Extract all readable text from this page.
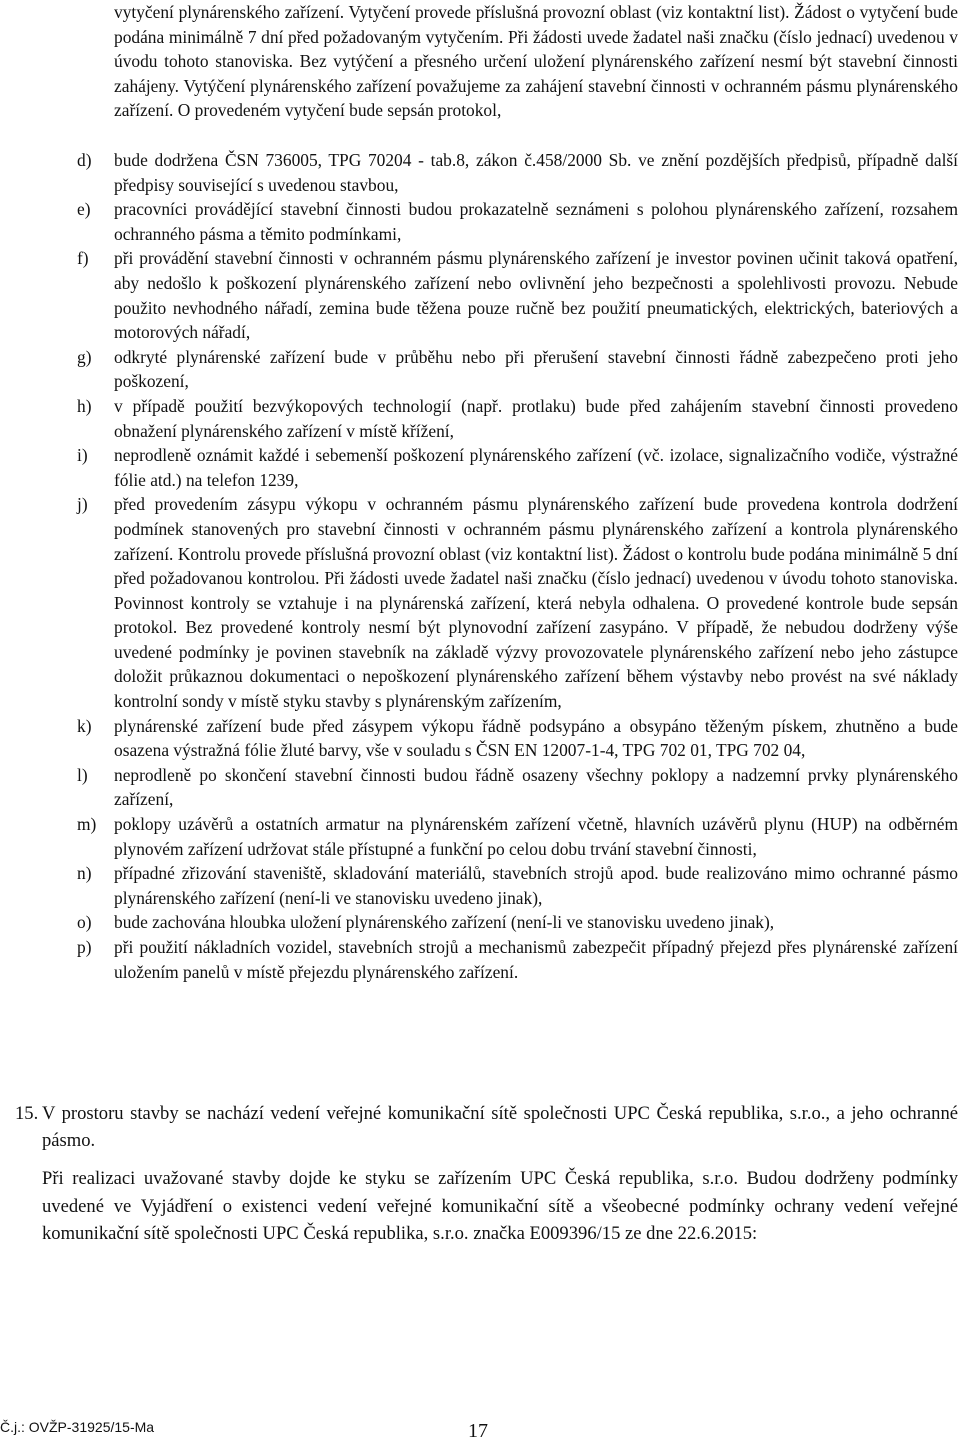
vytyčení plynárenského zařízení. Vytyčení provede příslušná provozní oblast (viz kontaktní list). Žádost o vytyčení bude podána minimálně 7 dní před požadovaným vytyčením. Při žádosti uvede žadatel naši značku (číslo jednací) uvedenou v úvodu tohoto stanoviska. Bez vytýčení a přesného určení uložení plynárenského zařízení nesmí být stavební činnosti zahájeny. Vytýčení plynárenského zařízení považujeme za zahájení stavební činnosti v ochranném pásmu plynárenského zařízení. O provedeném vytyčení bude sepsán protokol,

d) bude dodržena ČSN 736005, TPG 70204 - tab.8, zákon č.458/2000 Sb. ve znění pozdějších předpisů, případně další předpisy související s uvedenou stavbou,

e) pracovníci provádějící stavební činnosti budou prokazatelně seznámeni s polohou plynárenského zařízení, rozsahem ochranného pásma a těmito podmínkami,

f) při provádění stavební činnosti v ochranném pásmu plynárenského zařízení je investor povinen učinit taková opatření, aby nedošlo k poškození plynárenského zařízení nebo ovlivnění jeho bezpečnosti a spolehlivosti provozu. Nebude použito nevhodného nářadí, zemina bude těžena pouze ručně bez použití pneumatických, elektrických, bateriových a motorových nářadí,

g) odkryté plynárenské zařízení bude v průběhu nebo při přerušení stavební činnosti řádně zabezpečeno proti jeho poškození,

h) v případě použití bezvýkopových technologií (např. protlaku) bude před zahájením stavební činnosti provedeno obnažení plynárenského zařízení v místě křížení,

i) neprodleně oznámit každé i sebemenší poškození plynárenského zařízení (vč. izolace, signalizačního vodiče, výstražné fólie atd.) na telefon 1239,

j) před provedením zásypu výkopu v ochranném pásmu plynárenského zařízení bude provedena kontrola dodržení podmínek stanovených pro stavební činnosti v ochranném pásmu plynárenského zařízení a kontrola plynárenského zařízení. Kontrolu provede příslušná provozní oblast (viz kontaktní list). Žádost o kontrolu bude podána minimálně 5 dní před požadovanou kontrolou. Při žádosti uvede žadatel naši značku (číslo jednací) uvedenou v úvodu tohoto stanoviska. Povinnost kontroly se vztahuje i na plynárenská zařízení, která nebyla odhalena. O provedené kontrole bude sepsán protokol. Bez provedené kontroly nesmí být plynovodní zařízení zasypáno. V případě, že nebudou dodrženy výše uvedené podmínky je povinen stavebník na základě výzvy provozovatele plynárenského zařízení nebo jeho zástupce doložit průkaznou dokumentaci o nepoškození plynárenského zařízení během výstavby nebo provést na své náklady kontrolní sondy v místě styku stavby s plynárenským zařízením,

k) plynárenské zařízení bude před zásypem výkopu řádně podsypáno a obsypáno těženým pískem, zhutněno a bude osazena výstražná fólie žluté barvy, vše v souladu s ČSN EN 12007-1-4, TPG 702 01, TPG 702 04,

l) neprodleně po skončení stavební činnosti budou řádně osazeny všechny poklopy a nadzemní prvky plynárenského zařízení,

m) poklopy uzávěrů a ostatních armatur na plynárenském zařízení včetně, hlavních uzávěrů plynu (HUP) na odběrném plynovém zařízení udržovat stále přístupné a funkční po celou dobu trvání stavební činnosti,

n) případné zřizování staveniště, skladování materiálů, stavebních strojů apod. bude realizováno mimo ochranné pásmo plynárenského zařízení (není-li ve stanovisku uvedeno jinak),

o) bude zachována hloubka uložení plynárenského zařízení (není-li ve stanovisku uvedeno jinak),

p) při použití nákladních vozidel, stavebních strojů a mechanismů zabezpečit případný přejezd přes plynárenské zařízení uložením panelů v místě přejezdu plynárenského zařízení.

15. V prostoru stavby se nachází vedení veřejné komunikační sítě společnosti UPC Česká republika, s.r.o., a jeho ochranné pásmo.

Při realizaci uvažované stavby dojde ke styku se zařízením UPC Česká republika, s.r.o. Budou dodrženy podmínky uvedené ve Vyjádření o existenci vedení veřejné komunikační sítě a všeobecné podmínky ochrany vedení veřejné komunikační sítě společnosti UPC Česká republika, s.r.o. značka E009396/15 ze dne 22.6.2015:

Č.j.: OVŽP-31925/15-Ma	17
